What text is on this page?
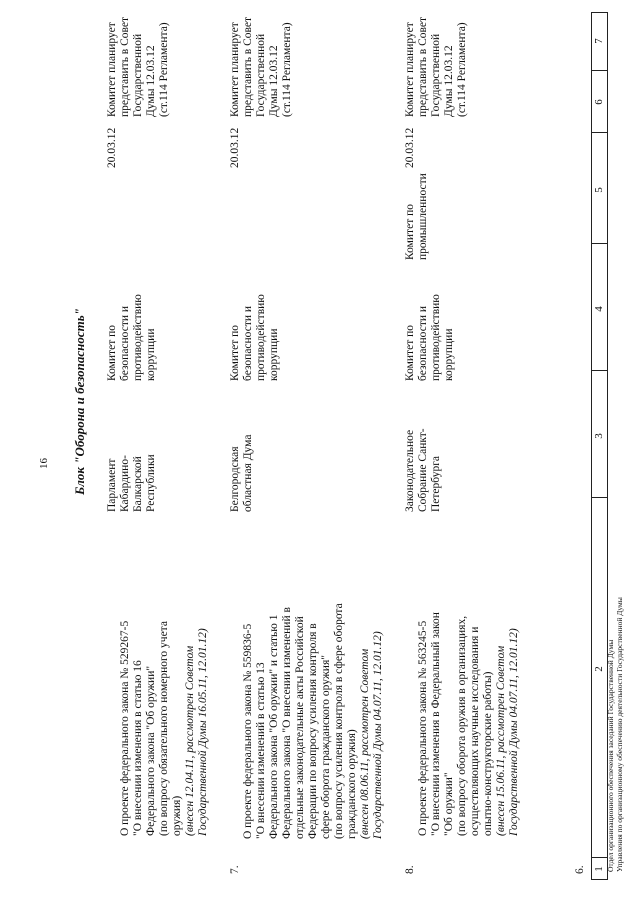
16
1
2
3
4
5
6
7
Блок "Оборона и безопасность"
6.

О проекте федерального закона № 529267-5
"О внесении изменения в статью 16
Федерального закона "Об оружии"
(по вопросу обязательного номерного учета
оружия) (внесен 12.04.11, рассмотрен Советом
Государственной Думы 16.05.11, 12.01.12)

Парламент
Кабардино-
Балкарской
Республики
Комитет по
безопасности и
противодействию
коррупции
20.03.12
Комитет планирует
представить в Совет
Государственной
Думы 12.03.12
(ст.114 Регламента)
7.

О проекте федерального закона № 559836-5
"О внесении изменений в статью 13
Федерального закона "Об оружии" и статью 1
Федерального закона "О внесении изменений в
отдельные законодательные акты Российской
Федерации по вопросу усиления контроля в
сфере оборота гражданского оружия"
(по вопросу усиления контроля в сфере оборота
гражданского оружия)

(внесен 08.06.11, рассмотрен Советом
Государственной Думы 04.07.11, 12.01.12)

Белгородская
областная Дума
Комитет по
безопасности и
противодействию
коррупции
20.03.12
Комитет планирует
представить в Совет
Государственной
Думы 12.03.12
(ст.114 Регламента)
8.

О проекте федерального закона № 563245-5
"О внесении изменения в Федеральный закон
"Об оружии"
(по вопросу оборота оружия в организациях,
осуществляющих научные исследования и
опытно-конструкторские работы)

(внесен 15.06.11, рассмотрен Советом
Государственной Думы 04.07.11, 12.01.12)

Законодательное
Собрание Санкт-
Петербурга
Комитет по
безопасности и
противодействию
коррупции
Комитет по
промышленности
20.03.12
Комитет планирует
представить в Совет
Государственной
Думы 12.03.12
(ст.114 Регламента)
Отдел организационного обеспечения заседаний Государственной Думы Управления по организационному обеспечению деятельности Государственной Думы
